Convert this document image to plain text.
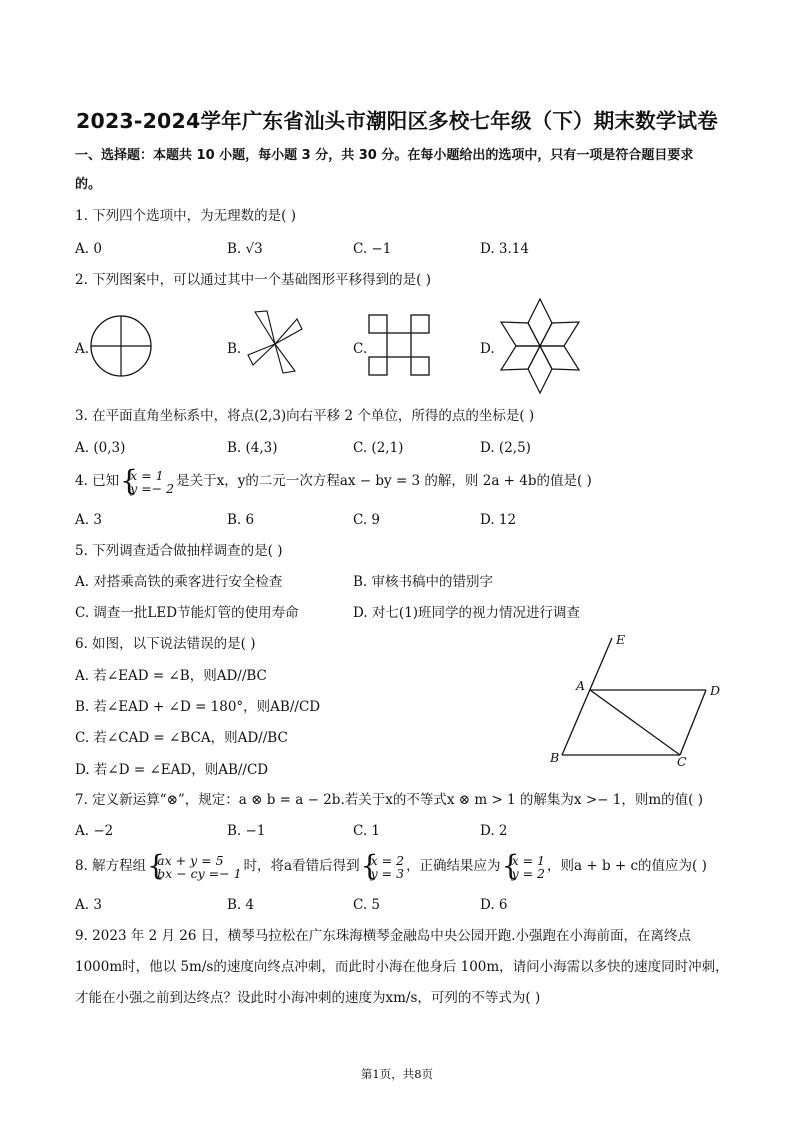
2023-2024学年广东省汕头市潮阳区多校七年级（下）期末数学试卷
一、选择题：本题共 10 小题，每小题 3 分，共 30 分。在每小题给出的选项中，只有一项是符合题目要求
的。
1. 下列四个选项中，为无理数的是( )
A. 0	B. √3	C. −1	D. 3.14
2. 下列图案中，可以通过其中一个基础图形平移得到的是( )
A.	B.	C.	D.
3. 在平面直角坐标系中，将点(2,3)向右平移 2 个单位，所得的点的坐标是( )
A. (0,3)	B. (4,3)	C. (2,1)	D. (2,5)
4. 已知 { x = 1
y =− 2 是关于x，y的二元一次方程ax − by = 3 的解，则 2a + 4b的值是( )
A. 3	B. 6	C. 9	D. 12
5. 下列调查适合做抽样调查的是( )
A. 对搭乘高铁的乘客进行安全检查	B. 审核书稿中的错别字
C. 调查一批LED节能灯管的使用寿命	D. 对七(1)班同学的视力情况进行调查
6. 如图，以下说法错误的是( )
A. 若∠EAD = ∠B，则AD//BC
B. 若∠EAD + ∠D = 180°，则AB//CD
C. 若∠CAD = ∠BCA，则AD//BC
D. 若∠D = ∠EAD，则AB//CD
E
A	D
B	C
7. 定义新运算“⊗”，规定：a ⊗ b = a − 2b.若关于x的不等式x ⊗ m > 1 的解集为x >− 1，则m的值( )
A. −2	B. −1	C. 1	D. 2
8. 解方程组 { ax + y = 5
bx − cy =− 1 时，将a看错后得到 { x = 2
y = 3 ，正确结果应为 { x = 1
y = 2 ，则a + b + c的值应为( )
A. 3	B. 4	C. 5	D. 6
9. 2023 年 2 月 26 日，横琴马拉松在广东珠海横琴金融岛中央公园开跑.小强跑在小海前面，在离终点
1000m时，他以 5m/s的速度向终点冲刺，而此时小海在他身后 100m，请问小海需以多快的速度同时冲刺，
才能在小强之前到达终点？设此时小海冲刺的速度为xm/s，可列的不等式为( )
第1页，共8页
